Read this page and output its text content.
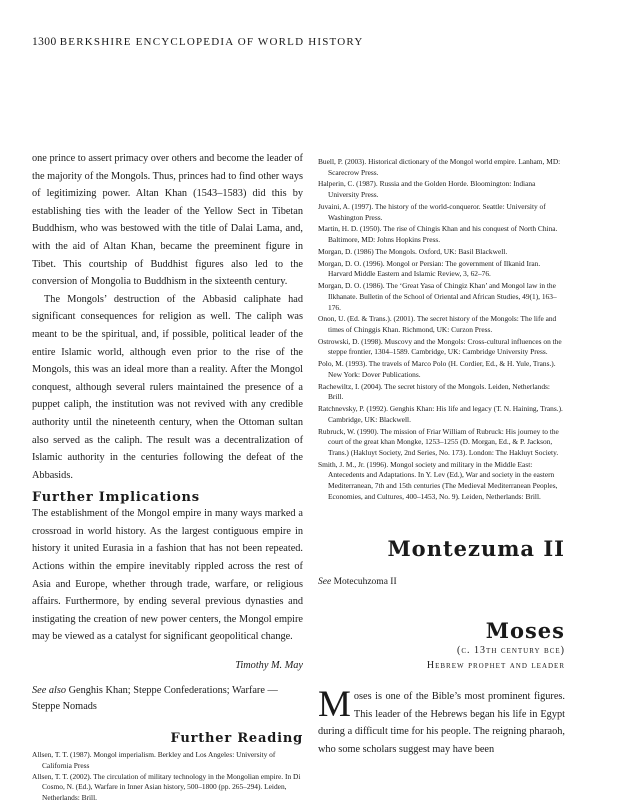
1300 BERKSHIRE ENCYCLOPEDIA OF WORLD HISTORY

one prince to assert primacy over others and become the leader of the majority of the Mongols. Thus, princes had to find other ways of legitimizing power. Altan Khan (1543–1583) did this by establishing ties with the leader of the Yellow Sect in Tibetan Buddhism, who was bestowed with the title of Dalai Lama, and, with the aid of Altan Khan, became the preeminent figure in Tibet. This courtship of Buddhist figures also led to the conversion of Mongolia to Buddhism in the sixteenth century.

The Mongols’ destruction of the Abbasid caliphate had significant consequences for religion as well. The caliph was meant to be the spiritual, and, if possible, political leader of the entire Islamic world, although even prior to the rise of the Mongols, this was an ideal more than a reality. After the Mongol conquest, although several rulers maintained the presence of a puppet caliph, the institution was not revived with any credible authority until the nineteenth century, when the Ottoman sultan also served as the caliph. The result was a decentralization of Islamic authority in the centuries following the defeat of the Abbasids.

Further Implications

The establishment of the Mongol empire in many ways marked a crossroad in world history. As the largest contiguous empire in history it united Eurasia in a fashion that has not been repeated. Actions within the empire inevitably rippled across the rest of Asia and Europe, whether through trade, warfare, or religious affairs. Furthermore, by ending several previous dynasties and instigating the creation of new power centers, the Mongol empire may be viewed as a catalyst for significant geopolitical change.

Timothy M. May
See also Genghis Khan; Steppe Confederations; Warfare —Steppe Nomads
Further Reading
Allsen, T. T. (1987). Mongol imperialism. Berkley and Los Angeles: University of California Press
Allsen, T. T. (2002). The circulation of military technology in the Mongolian empire. In Di Cosmo, N. (Ed.), Warfare in Inner Asian history, 500–1800 (pp. 265–294). Leiden, Netherlands: Brill.
Buell, P. (2003). Historical dictionary of the Mongol world empire. Lanham, MD: Scarecrow Press.
Halperin, C. (1987). Russia and the Golden Horde. Bloomington: Indiana University Press.
Juvaini, A. (1997). The history of the world-conqueror. Seattle: University of Washington Press.
Martin, H. D. (1950). The rise of Chingis Khan and his conquest of North China. Baltimore, MD: Johns Hopkins Press.
Morgan, D. (1986) The Mongols. Oxford, UK: Basil Blackwell.
Morgan, D. O. (1996). Mongol or Persian: The government of Ilkanid Iran. Harvard Middle Eastern and Islamic Review, 3, 62–76.
Morgan, D. O. (1986). The ‘Great Yasa of Chingiz Khan’ and Mongol law in the Ilkhanate. Bulletin of the School of Oriental and African Studies, 49(1), 163–176.
Onon, U. (Ed. & Trans.). (2001). The secret history of the Mongols: The life and times of Chinggis Khan. Richmond, UK: Curzon Press.
Ostrowski, D. (1998). Muscovy and the Mongols: Cross-cultural influences on the steppe frontier, 1304–1589. Cambridge, UK: Cambridge University Press.
Polo, M. (1993). The travels of Marco Polo (H. Cordier, Ed., & H. Yule, Trans.). New York: Dover Publications.
Rachewiltz, I. (2004). The secret history of the Mongols. Leiden, Netherlands: Brill.
Ratchnevsky, P. (1992). Genghis Khan: His life and legacy (T. N. Haining, Trans.). Cambridge, UK: Blackwell.
Rubruck, W. (1990). The mission of Friar William of Rubruck: His journey to the court of the great khan Mongke, 1253–1255 (D. Morgan, Ed., & P. Jackson, Trans.) (Hakluyt Society, 2nd Series, No. 173). London: The Hakluyt Society.
Smith, J. M., Jr. (1996). Mongol society and military in the Middle East: Antecedents and Adaptations. In Y. Lev (Ed.), War and society in the eastern Mediterranean, 7th and 15th centuries (The Medieval Mediterranean Peoples, Economies, and Cultures, 400–1453, No. 9). Leiden, Netherlands: Brill.
Montezuma II
See Motecuhzoma II
Moses
(c. 13th century bce)
Hebrew prophet and leader
Moses is one of the Bible’s most prominent figures. This leader of the Hebrews began his life in Egypt during a difficult time for his people. The reigning pharaoh, who some scholars suggest may have been
